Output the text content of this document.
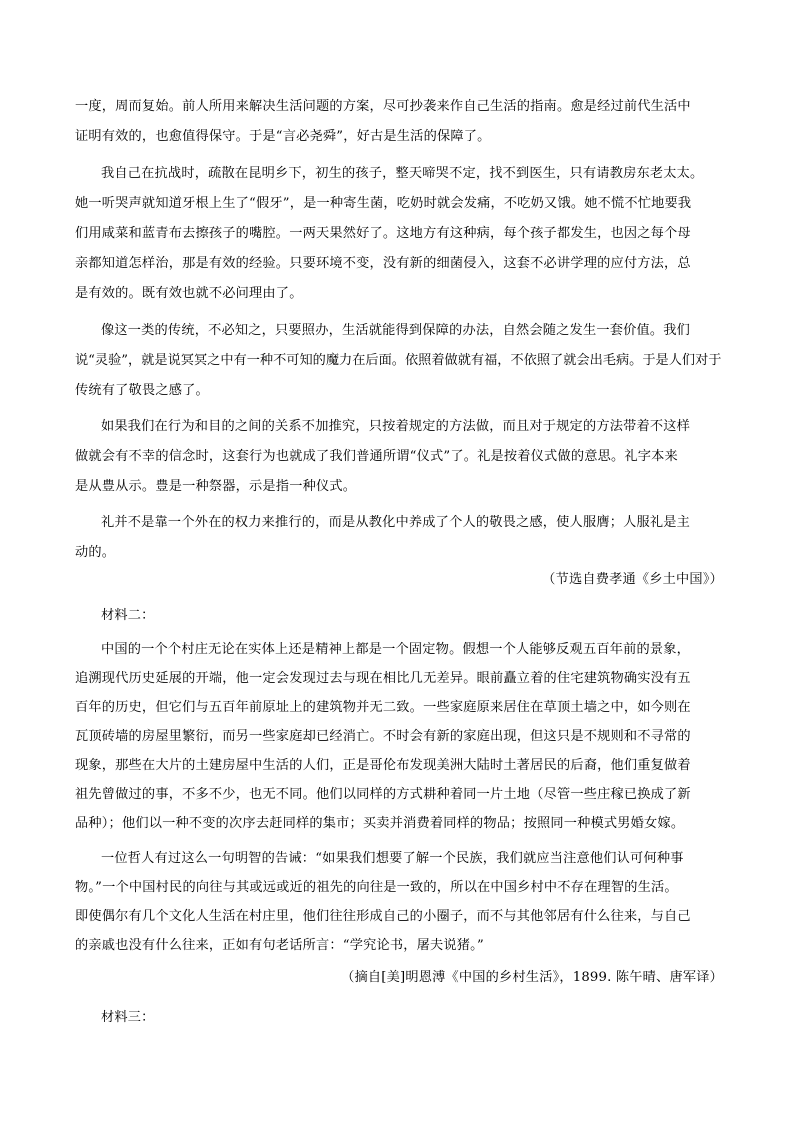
一度，周而复始。前人所用来解决生活问题的方案，尽可抄袭来作自己生活的指南。愈是经过前代生活中
证明有效的，也愈值得保守。于是“言必尧舜”，好古是生活的保障了。
我自己在抗战时，疏散在昆明乡下，初生的孩子，整天啼哭不定，找不到医生，只有请教房东老太太。
她一听哭声就知道牙根上生了“假牙”，是一种寄生菌，吃奶时就会发痛，不吃奶又饿。她不慌不忙地要我
们用咸菜和蓝青布去擦孩子的嘴腔。一两天果然好了。这地方有这种病，每个孩子都发生，也因之每个母
亲都知道怎样治，那是有效的经验。只要环境不变，没有新的细菌侵入，这套不必讲学理的应付方法，总
是有效的。既有效也就不必问理由了。
像这一类的传统，不必知之，只要照办，生活就能得到保障的办法，自然会随之发生一套价值。我们
说“灵验”，就是说冥冥之中有一种不可知的魔力在后面。依照着做就有福，不依照了就会出毛病。于是人们对于
传统有了敬畏之感了。
如果我们在行为和目的之间的关系不加推究，只按着规定的方法做，而且对于规定的方法带着不这样
做就会有不幸的信念时，这套行为也就成了我们普通所谓“仪式”了。礼是按着仪式做的意思。礼字本来
是从豊从示。豊是一种祭器，示是指一种仪式。
礼并不是靠一个外在的权力来推行的，而是从教化中养成了个人的敬畏之感，使人服膺；人服礼是主
动的。
（节选自费孝通《乡土中国》）
材料二：
中国的一个个村庄无论在实体上还是精神上都是一个固定物。假想一个人能够反观五百年前的景象，
追溯现代历史延展的开端，他一定会发现过去与现在相比几无差异。眼前矗立着的住宅建筑物确实没有五
百年的历史，但它们与五百年前原址上的建筑物并无二致。一些家庭原来居住在草顶土墙之中，如今则在
瓦顶砖墙的房屋里繁衍，而另一些家庭却已经消亡。不时会有新的家庭出现，但这只是不规则和不寻常的
现象，那些在大片的土建房屋中生活的人们，正是哥伦布发现美洲大陆时土著居民的后裔，他们重复做着
祖先曾做过的事，不多不少，也无不同。他们以同样的方式耕种着同一片土地（尽管一些庄稼已换成了新
品种）；他们以一种不变的次序去赶同样的集市；买卖并消费着同样的物品；按照同一种模式男婚女嫁。
一位哲人有过这么一句明智的告诫：“如果我们想要了解一个民族，我们就应当注意他们认可何种事
物。”一个中国村民的向往与其或远或近的祖先的向往是一致的，所以在中国乡村中不存在理智的生活。
即使偶尔有几个文化人生活在村庄里，他们往往形成自己的小圈子，而不与其他邻居有什么往来，与自己
的亲戚也没有什么往来，正如有句老话所言：“学究论书，屠夫说猪。”
（摘自[美]明恩溥《中国的乡村生活》，1899. 陈午晴、唐军译）
材料三：
